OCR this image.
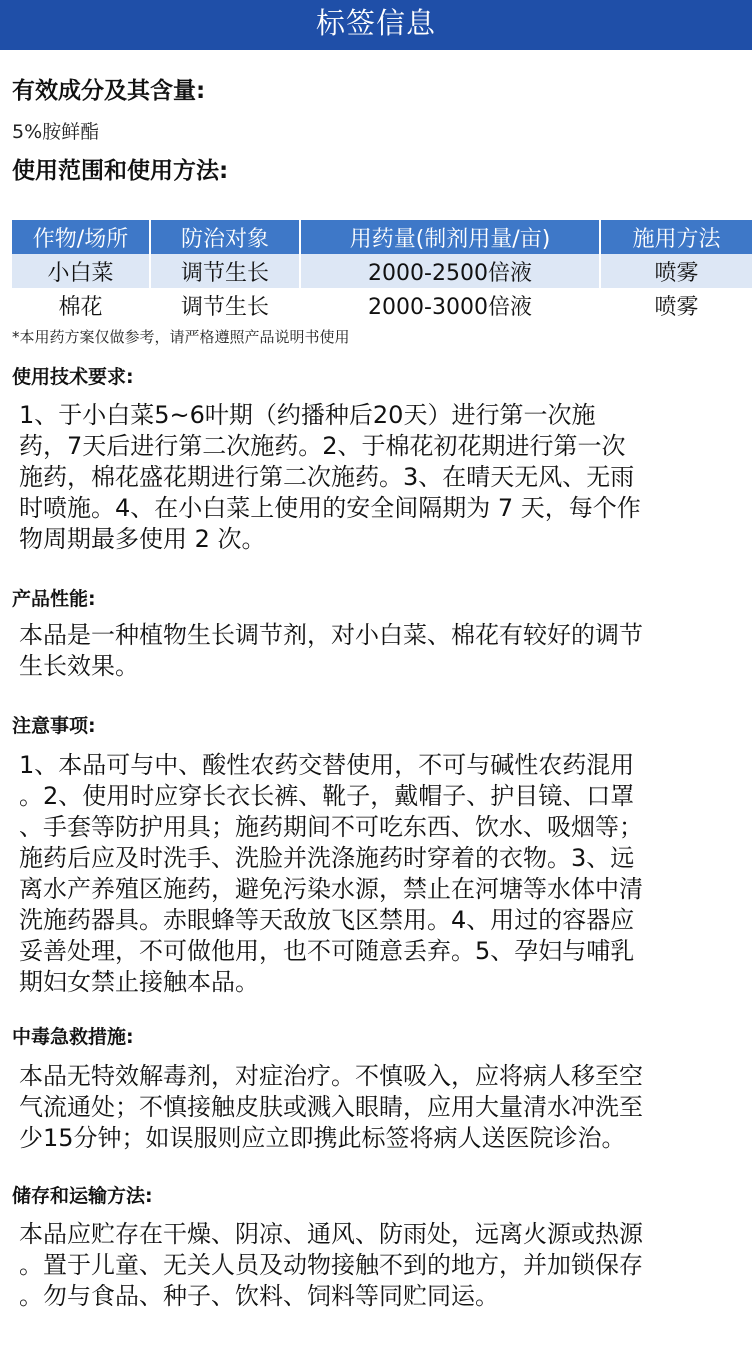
标签信息
有效成分及其含量:
5%胺鲜酯
使用范围和使用方法:
作物/场所	防治对象	用药量(制剂用量/亩)	施用方法
小白菜	调节生长	2000-2500倍液	喷雾
棉花	调节生长	2000-3000倍液	喷雾
*本用药方案仅做参考，请严格遵照产品说明书使用
使用技术要求:
1、于小白菜5~6叶期（约播种后20天）进行第一次施
药，7天后进行第二次施药。2、于棉花初花期进行第一次
施药，棉花盛花期进行第二次施药。3、在晴天无风、无雨
时喷施。4、在小白菜上使用的安全间隔期为 7 天，每个作
物周期最多使用 2 次。
产品性能:
本品是一种植物生长调节剂，对小白菜、棉花有较好的调节
生长效果。
注意事项:
1、本品可与中、酸性农药交替使用，不可与碱性农药混用
。2、使用时应穿长衣长裤、靴子，戴帽子、护目镜、口罩
、手套等防护用具；施药期间不可吃东西、饮水、吸烟等；
施药后应及时洗手、洗脸并洗涤施药时穿着的衣物。3、远
离水产养殖区施药，避免污染水源，禁止在河塘等水体中清
洗施药器具。赤眼蜂等天敌放飞区禁用。4、用过的容器应
妥善处理，不可做他用，也不可随意丢弃。5、孕妇与哺乳
期妇女禁止接触本品。
中毒急救措施:
本品无特效解毒剂，对症治疗。不慎吸入，应将病人移至空
气流通处；不慎接触皮肤或溅入眼睛，应用大量清水冲洗至
少15分钟；如误服则应立即携此标签将病人送医院诊治。
储存和运输方法:
本品应贮存在干燥、阴凉、通风、防雨处，远离火源或热源
。置于儿童、无关人员及动物接触不到的地方，并加锁保存
。勿与食品、种子、饮料、饲料等同贮同运。
